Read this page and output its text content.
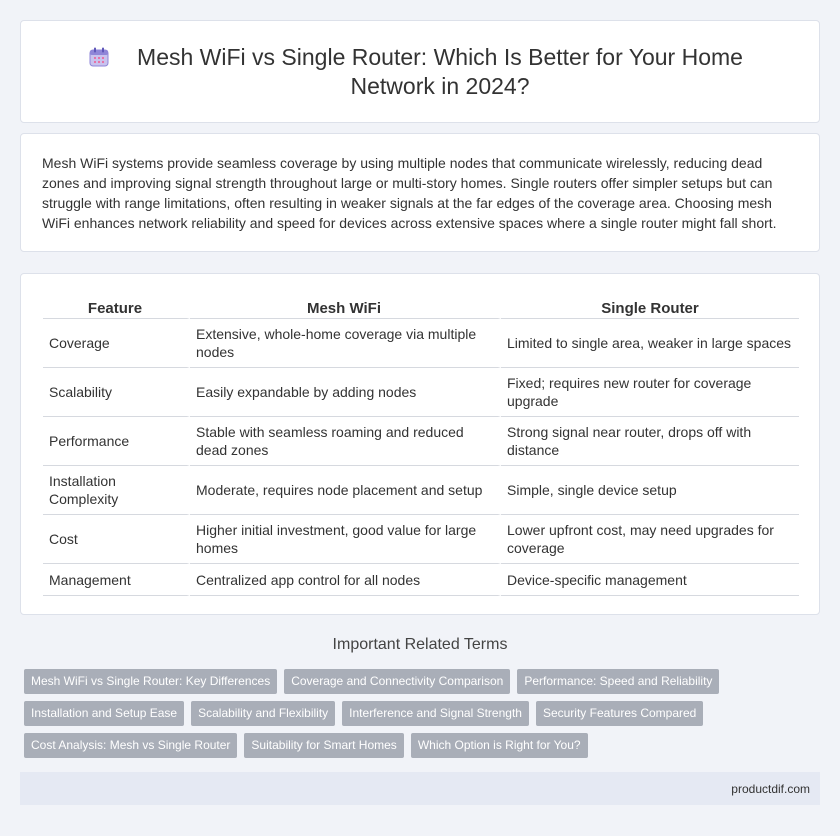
Mesh WiFi vs Single Router: Which Is Better for Your Home Network in 2024?

Mesh WiFi systems provide seamless coverage by using multiple nodes that communicate wirelessly, reducing dead zones and improving signal strength throughout large or multi-story homes. Single routers offer simpler setups but can struggle with range limitations, often resulting in weaker signals at the far edges of the coverage area. Choosing mesh WiFi enhances network reliability and speed for devices across extensive spaces where a single router might fall short.

Feature	Mesh WiFi	Single Router
Coverage	Extensive, whole-home coverage via multiple nodes	Limited to single area, weaker in large spaces
Scalability	Easily expandable by adding nodes	Fixed; requires new router for coverage upgrade
Performance	Stable with seamless roaming and reduced dead zones	Strong signal near router, drops off with distance
Installation Complexity	Moderate, requires node placement and setup	Simple, single device setup
Cost	Higher initial investment, good value for large homes	Lower upfront cost, may need upgrades for coverage
Management	Centralized app control for all nodes	Device-specific management
Important Related Terms
Mesh WiFi vs Single Router: Key Differences	Coverage and Connectivity Comparison	Performance: Speed and Reliability
Installation and Setup Ease	Scalability and Flexibility	Interference and Signal Strength	Security Features Compared
Cost Analysis: Mesh vs Single Router	Suitability for Smart Homes	Which Option is Right for You?
productdif.com
